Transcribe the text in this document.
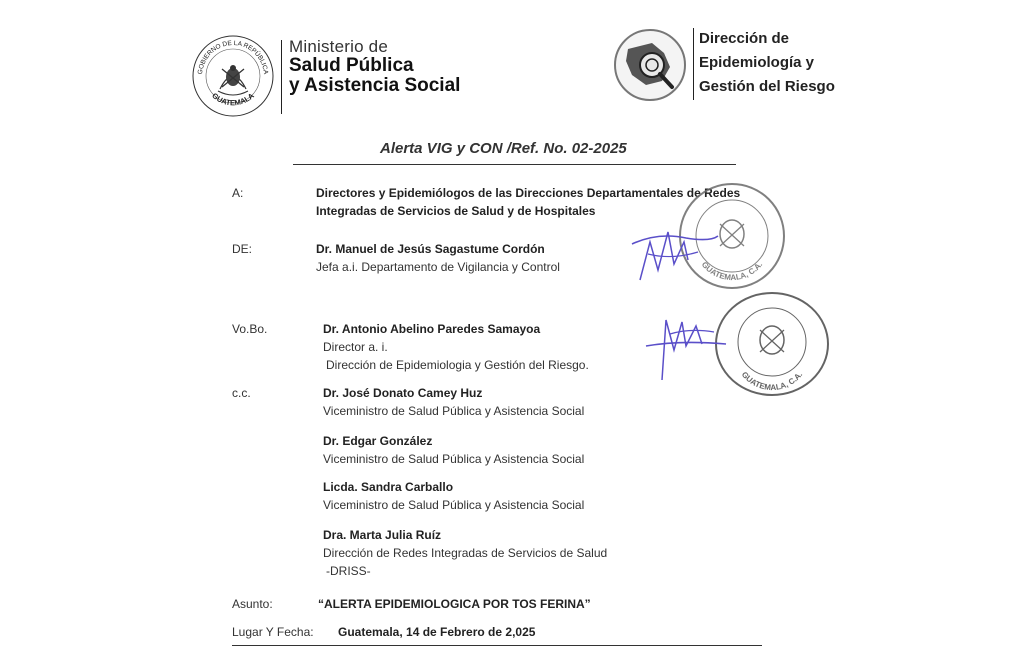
GOBIERNO DE LA REPÚBLICA
GUATEMALA
Ministerio de
Salud Pública
y Asistencia Social
Dirección de
Epidemiología y
Gestión del Riesgo
Alerta VIG y CON /Ref. No. 02-2025
A:	Directores y Epidemiólogos de las Direcciones Departamentales de Redes
Integradas de Servicios de Salud y de Hospitales
DE:	Dr. Manuel de Jesús Sagastume Cordón
Jefa a.i. Departamento de Vigilancia y Control
Vo.Bo.	Dr. Antonio Abelino Paredes Samayoa
Director a. i.
Dirección de Epidemiologia y Gestión del Riesgo.
c.c.	Dr. José Donato Camey Huz
Viceministro de Salud Pública y Asistencia Social
Dr. Edgar González
Viceministro de Salud Pública y Asistencia Social
Licda. Sandra Carballo
Viceministro de Salud Pública y Asistencia Social
Dra. Marta Julia Ruíz
Dirección de Redes Integradas de Servicios de Salud
-DRISS-
Asunto:	“ALERTA EPIDEMIOLOGICA POR TOS FERINA”
Lugar Y Fecha: Guatemala, 14 de Febrero de 2,025
GUATEMALA, C.A.
GUATEMALA, C.A.
